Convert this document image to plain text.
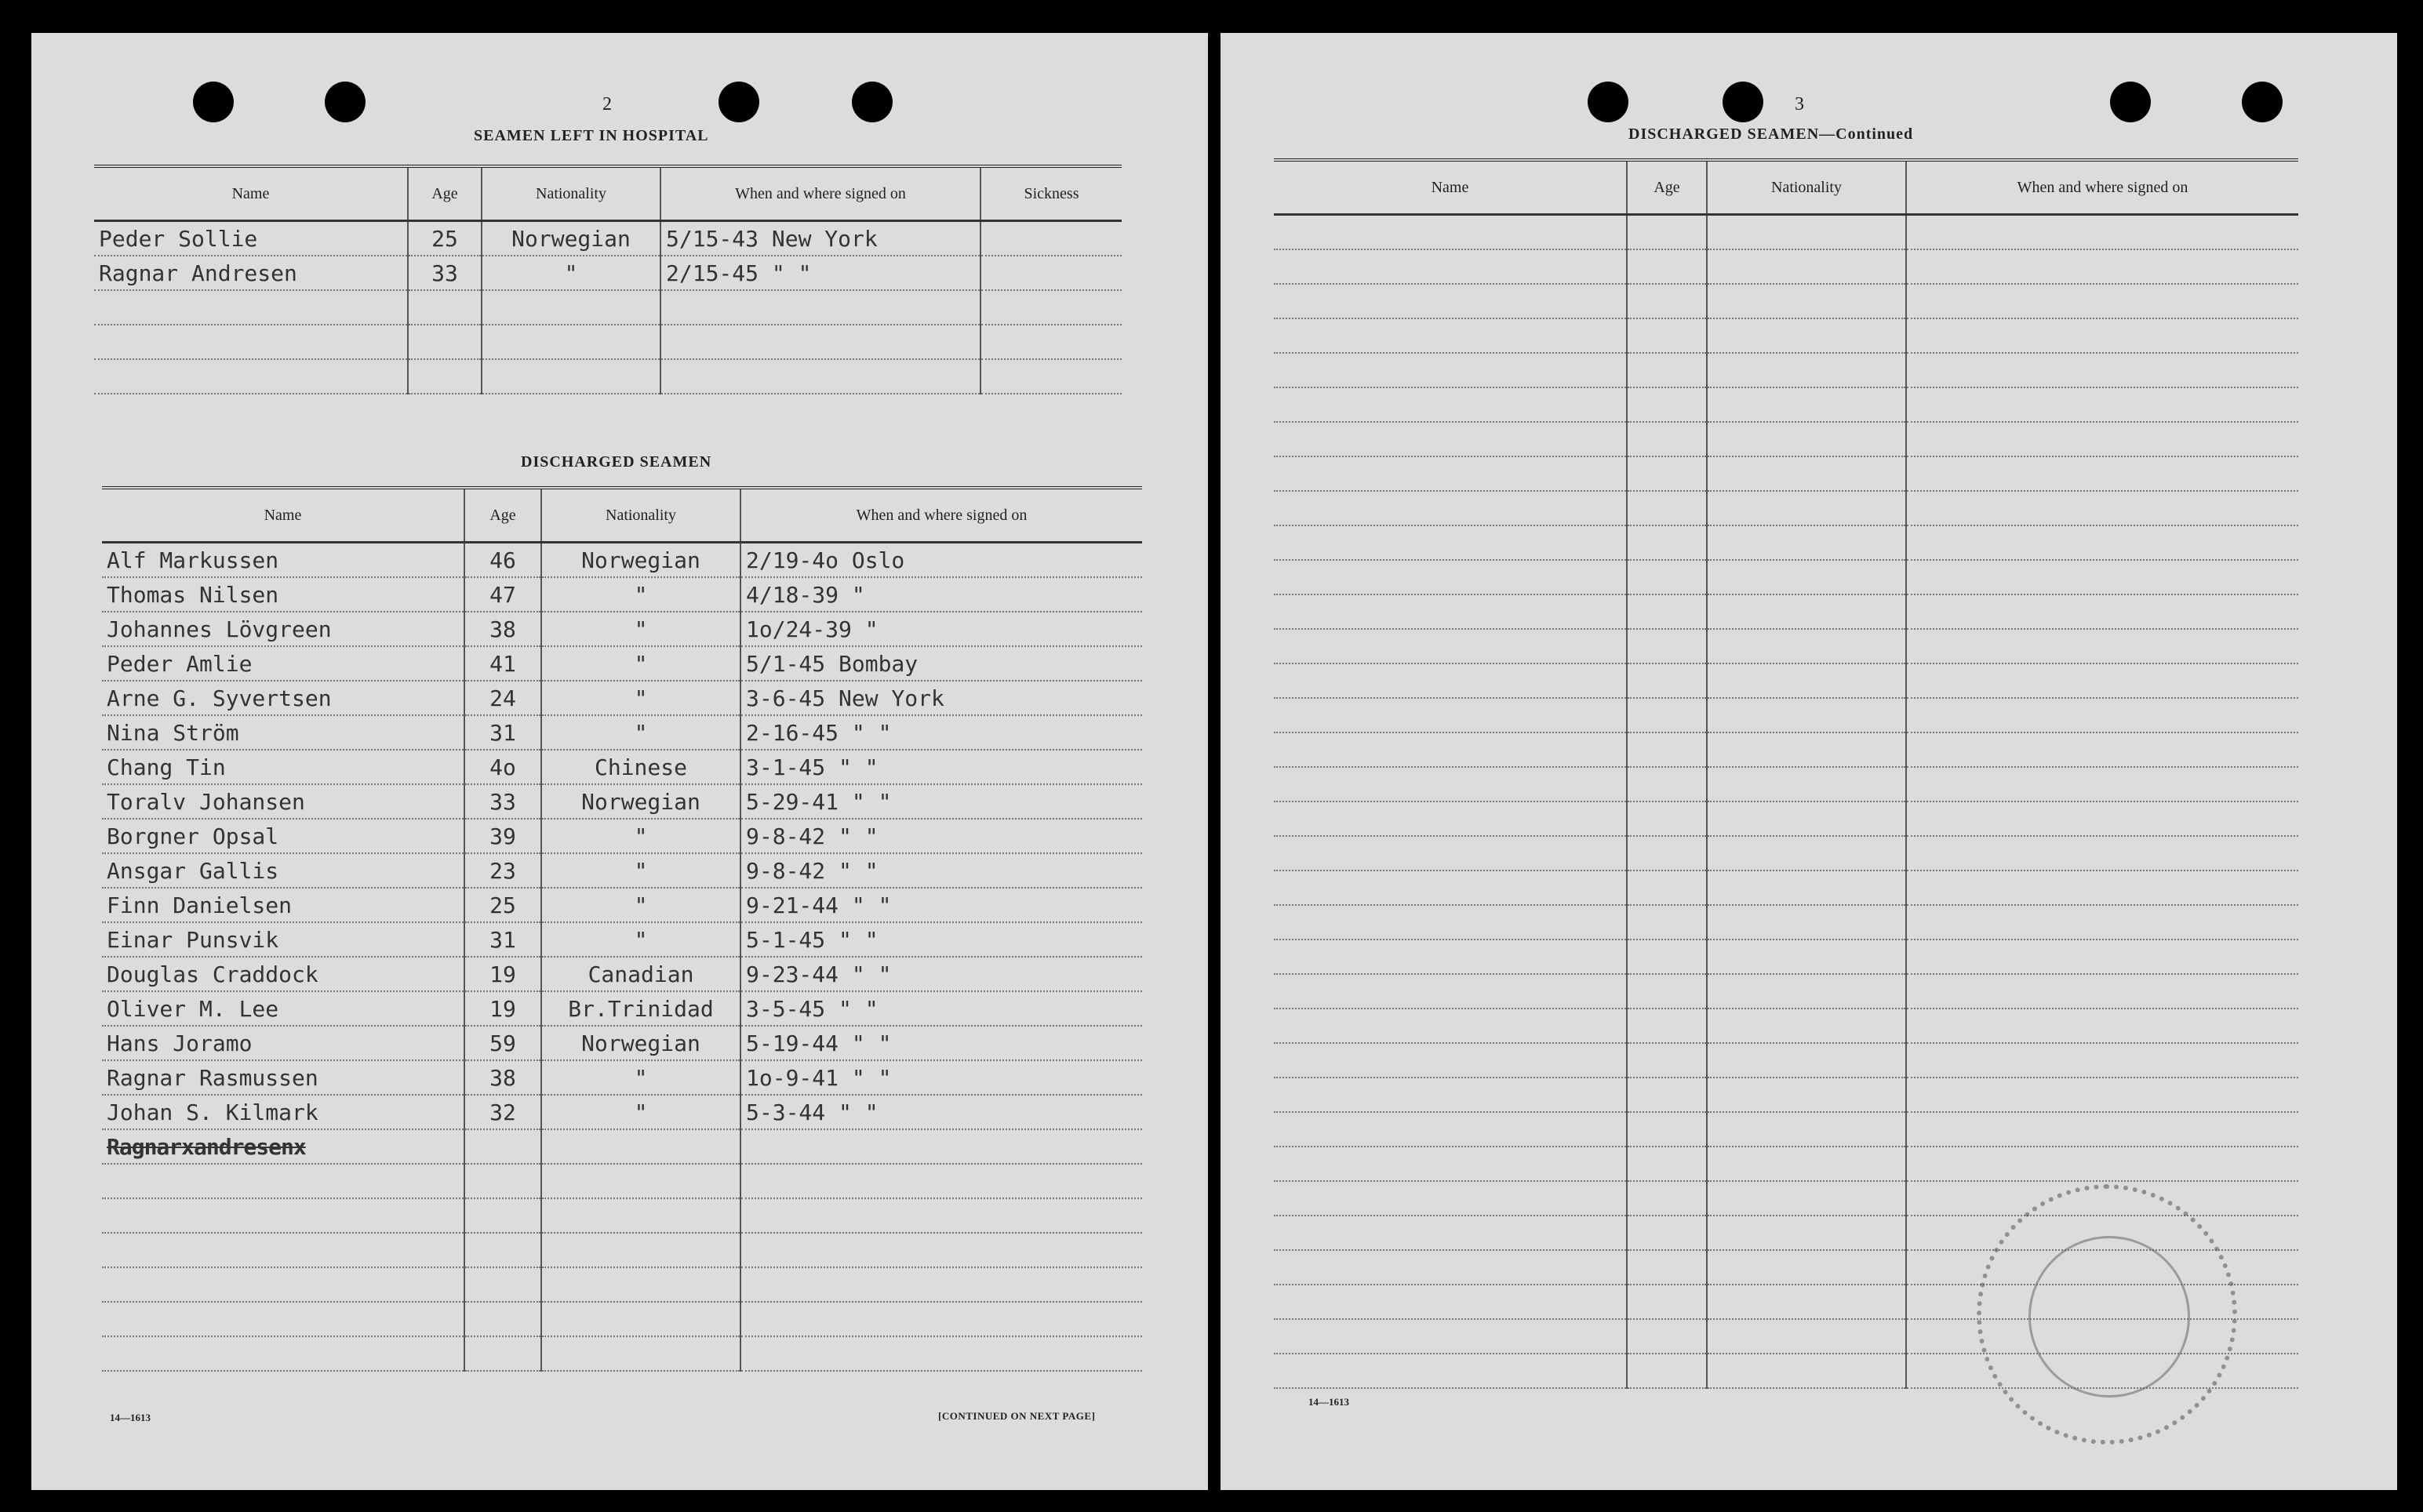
2
SEAMEN LEFT IN HOSPITAL
Name	Age	Nationality	When and where signed on	Sickness
Peder Sollie	25	Norwegian	5/15-43 New York	
Ragnar Andresen	33	"	2/15-45 " "	

DISCHARGED SEAMEN
Name	Age	Nationality	When and where signed on
Alf Markussen	46	Norwegian	2/19-4o Oslo
Thomas Nilsen	47	"	4/18-39 "
Johannes Lövgreen	38	"	1o/24-39 "
Peder Amlie	41	"	5/1-45 Bombay
Arne G. Syvertsen	24	"	3-6-45 New York
Nina Ström	31	"	2-16-45 " "
Chang Tin	4o	Chinese	3-1-45 " "
Toralv Johansen	33	Norwegian	5-29-41 " "
Borgner Opsal	39	"	9-8-42 " "
Ansgar Gallis	23	"	9-8-42 " "
Finn Danielsen	25	"	9-21-44 " "
Einar Punsvik	31	"	5-1-45 " "
Douglas Craddock	19	Canadian	9-23-44 " "
Oliver M. Lee	19	Br.Trinidad	3-5-45 " "
Hans Joramo	59	Norwegian	5-19-44 " "
Ragnar Rasmussen	38	"	1o-9-41 " "
Johan S. Kilmark	32	"	5-3-44 " "
Ragnarxandresenx			

14—1613	[CONTINUED ON NEXT PAGE]
3
DISCHARGED SEAMEN—Continued
Name	Age	Nationality	When and where signed on

14—1613
